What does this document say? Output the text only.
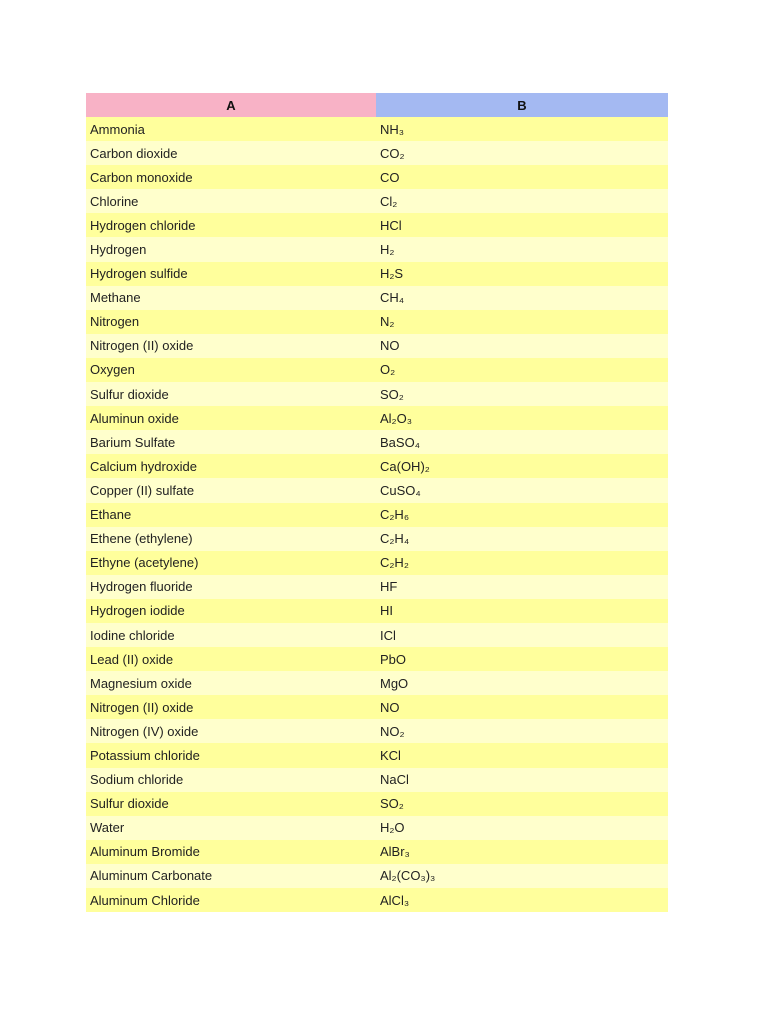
A	B
Ammonia	NH₃
Carbon dioxide	CO₂
Carbon monoxide	CO
Chlorine	Cl₂
Hydrogen chloride	HCl
Hydrogen	H₂
Hydrogen sulfide	H₂S
Methane	CH₄
Nitrogen	N₂
Nitrogen (II) oxide	NO
Oxygen	O₂
Sulfur dioxide	SO₂
Aluminun oxide	Al₂O₃
Barium Sulfate	BaSO₄
Calcium hydroxide	Ca(OH)₂
Copper (II) sulfate	CuSO₄
Ethane	C₂H₆
Ethene (ethylene)	C₂H₄
Ethyne (acetylene)	C₂H₂
Hydrogen fluoride	HF
Hydrogen iodide	HI
Iodine chloride	ICl
Lead (II) oxide	PbO
Magnesium oxide	MgO
Nitrogen (II) oxide	NO
Nitrogen (IV) oxide	NO₂
Potassium chloride	KCl
Sodium chloride	NaCl
Sulfur dioxide	SO₂
Water	H₂O
Aluminum Bromide	AlBr₃
Aluminum Carbonate	Al₂(CO₃)₃
Aluminum Chloride	AlCl₃
